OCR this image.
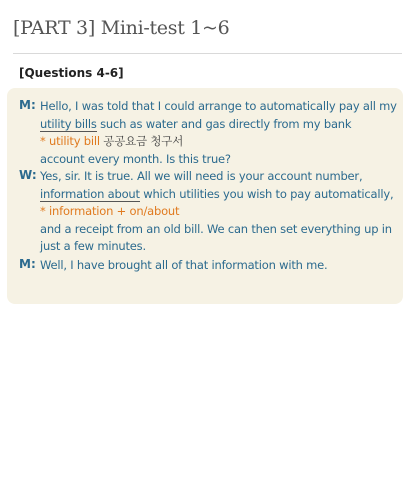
[PART 3] Mini-test 1~6
[Questions 4-6]
M: Hello, I was told that I could arrange to automatically pay all my
utility bills such as water and gas directly from my bank
* utility bill 공공요금 청구서
account every month. Is this true?
W: Yes, sir. It is true. All we will need is your account number,
information about which utilities you wish to pay automatically,
* information + on/about
and a receipt from an old bill. We can then set everything up in
just a few minutes.
M: Well, I have brought all of that information with me.
